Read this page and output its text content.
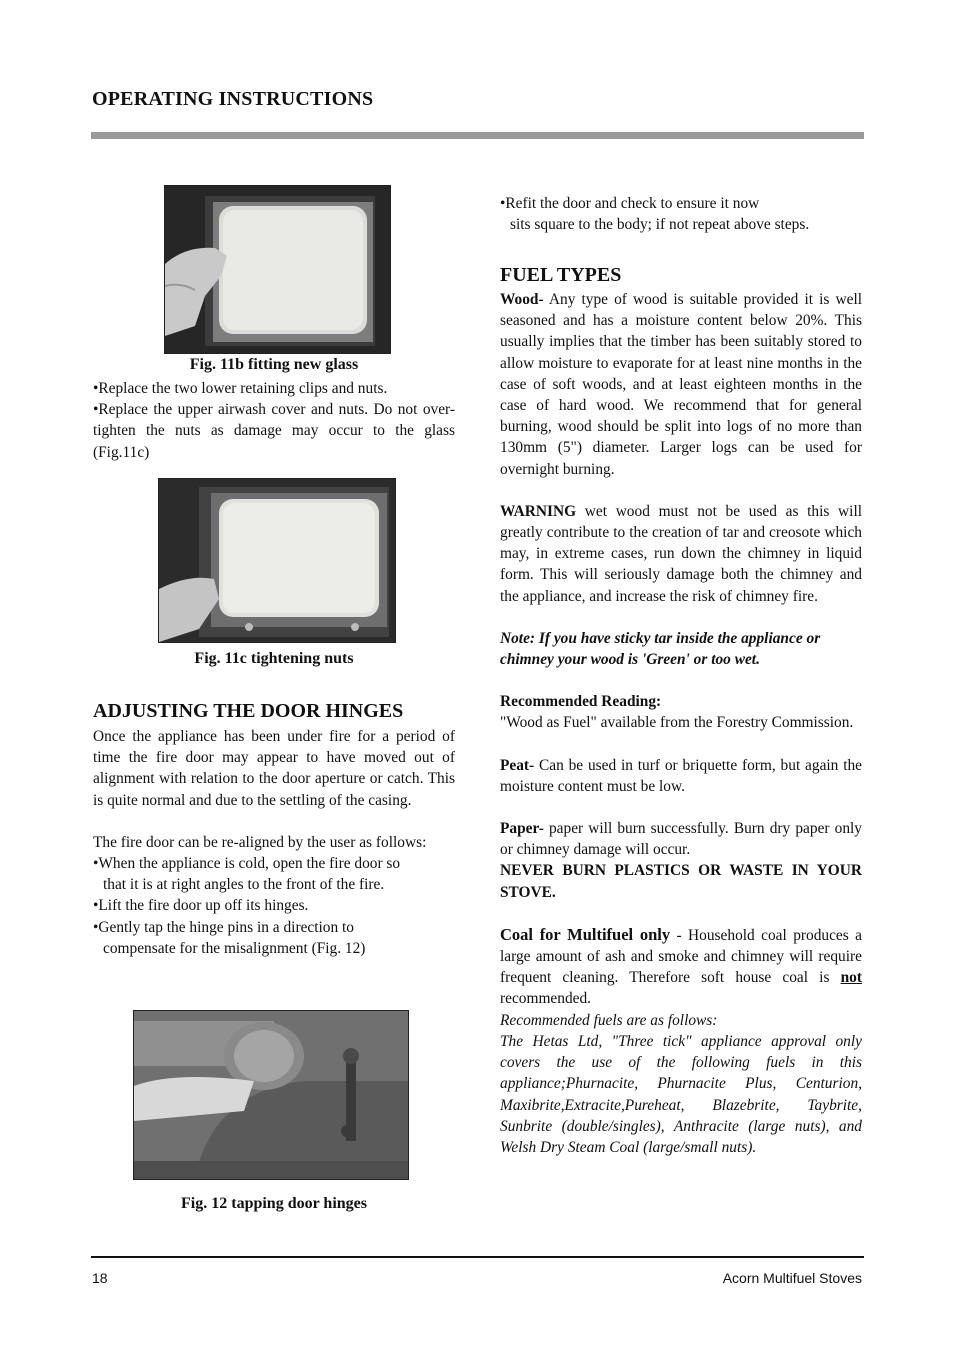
OPERATING INSTRUCTIONS
Fig. 11b fitting new glass

•Replace the two lower retaining clips and nuts.

•Replace the upper airwash cover and nuts. Do not over-tighten the nuts as damage may occur to the glass (Fig.11c)

Fig. 11c tightening nuts
ADJUSTING THE DOOR HINGES

Once the appliance has been under fire for a period of time the fire door may appear to have moved out of alignment with relation to the door aperture or catch. This is quite normal and due to the settling of the casing.

The fire door can be re-aligned by the user as follows:

•When the appliance is cold, open the fire door so

that it is at right angles to the front of the fire.

•Lift the fire door up off its hinges.

•Gently tap the hinge pins in a direction to

compensate for the misalignment (Fig. 12)

Fig. 12 tapping door hinges

•Refit the door and check to ensure it now

sits square to the body; if not repeat above steps.

FUEL TYPES

Wood- Any type of wood is suitable provided it is well seasoned and has a moisture content below 20%. This usually implies that the timber has been suitably stored to allow moisture to evaporate for at least nine months in the case of soft woods, and at least eighteen months in the case of hard wood. We recommend that for general burning, wood should be split into logs of no more than 130mm (5") diameter. Larger logs can be used for overnight burning.

WARNING wet wood must not be used as this will greatly contribute to the creation of tar and creosote which may, in extreme cases, run down the chimney in liquid form. This will seriously damage both the chimney and the appliance, and increase the risk of chimney fire.

Note: If you have sticky tar inside the appliance or chimney your wood is 'Green' or too wet.

Recommended Reading:

"Wood as Fuel" available from the Forestry Commission.

Peat- Can be used in turf or briquette form, but again the moisture content must be low.

Paper- paper will burn successfully. Burn dry paper only or chimney damage will occur.

NEVER BURN PLASTICS OR WASTE IN YOUR STOVE.

Coal for Multifuel only - Household coal produces a large amount of ash and smoke and chimney will require frequent cleaning. Therefore soft house coal is not recommended.

Recommended fuels are as follows:

The Hetas Ltd, "Three tick" appliance approval only covers the use of the following fuels in this appliance;Phurnacite, Phurnacite Plus, Centurion, Maxibrite,Extracite,Pureheat, Blazebrite, Taybrite, Sunbrite (double/singles), Anthracite (large nuts), and Welsh Dry Steam Coal (large/small nuts).

18	Acorn Multifuel Stoves
